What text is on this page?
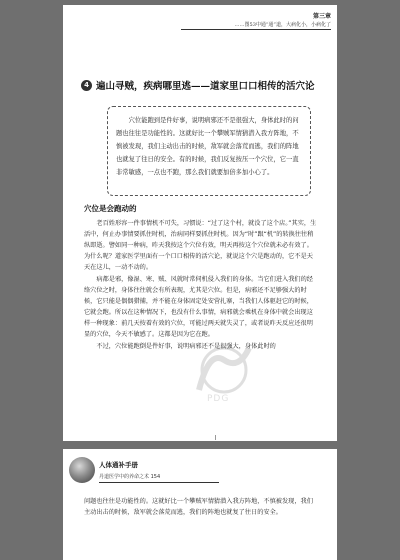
第三章
……图53中通“通”道，大病化小，小病化了
4 遍山寻贼，疾病哪里逃——道家里口口相传的活穴论

穴位能跑到是件好事，说明病邪还不是很强大，身体此时的问题也往往是功能性的。这就好比一个攀贼军情猜潜入我方阵地，不慎被发现，我们主动出击的时候，敌军就会落荒而逃，我们的阵地也就复了往日的安全。有的时候，我们反复按压一个穴位，它一直非常敏感，一点也不跑，那么我们就要加倍多加小心了。

穴位是会跑动的

老百姓形容一件事情机不可失，习惯说：“过了这个村，就没了这个店。”其实，生活中，何止办事情要抓住时机，治病同样要抓住时机。因为“时”跟“机”的转换往往稍纵即逝。譬如同一种病，昨天我按这个穴位有效，明天再按这个穴位就未必有效了。为什么呢？道家医学里面有一个口口相传的活穴论，就说这个穴是跑动的，它不是天天在这儿，一动不动的。

病都是邪，像湿、寒、贼、风就时常伺机侵入我们的身体。当它们进入我们的经络穴位之时，身体往往就会有所表现，尤其是穴位。但是，病邪还不足够强大的时候，它只能是偶偶猎捕，并不能在身体固定处安营扎寨，当我们人体驱赶它的时候，它就会跑。所以在这种情况下，也没有什么事情，病邪就会乘机在身体中就会出现这样一种现象：前几天按着有效的穴位，可能过两天就失灵了，或者说昨天反应还很明显的穴位，今天不敏感了。这都是因为它在跑。

不过，穴位能跑倒是件好事，说明病邪还不是很强大，身体此时的

PDG
人体通补手册
丹道医学中的养命之术 154

问题也往往是功能性的。这就好比一个攀贼军情猜潜入我方阵地，不慎被发现，我们主动出击的时候，敌军就会落荒而逃，我们的阵地也就复了往日的安全。
